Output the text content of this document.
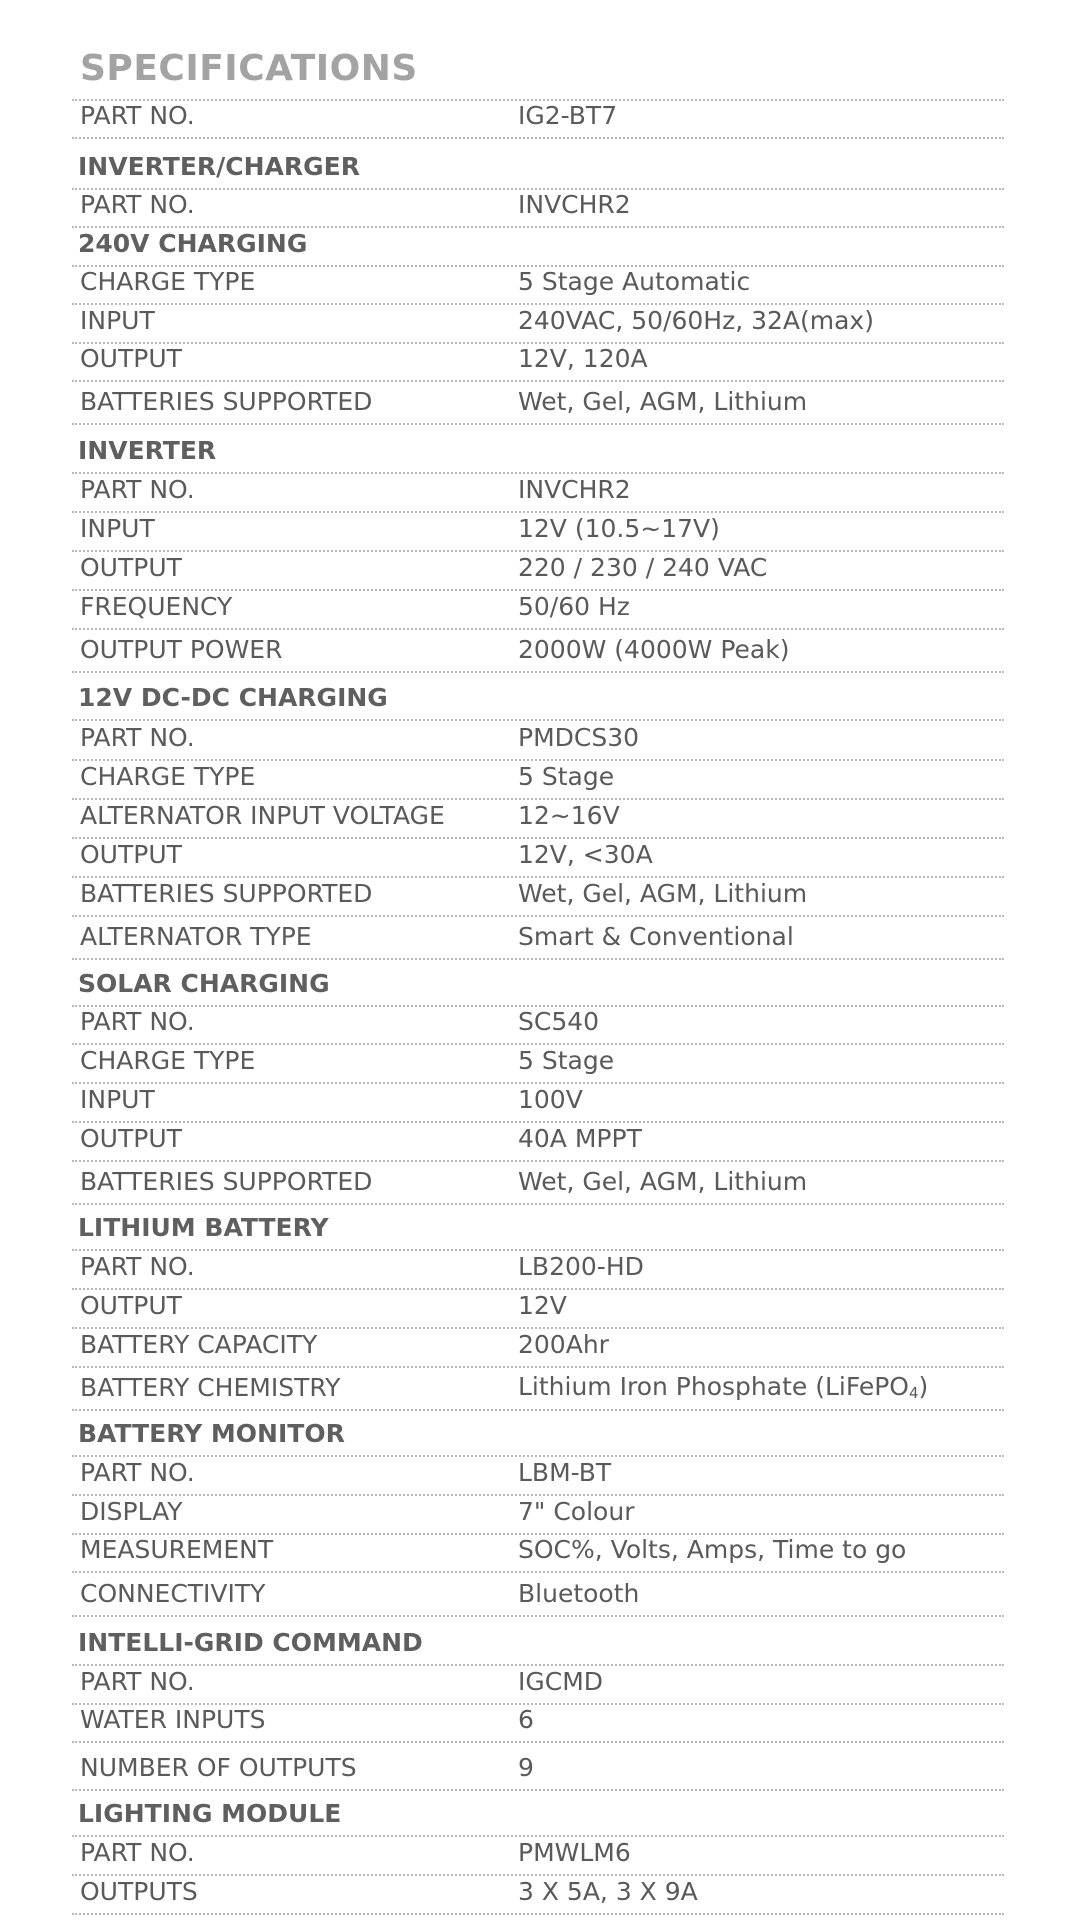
SPECIFICATIONS
PART NO.	IG2-BT7
INVERTER/CHARGER
PART NO.	INVCHR2
240V CHARGING
CHARGE TYPE	5 Stage Automatic
INPUT	240VAC, 50/60Hz, 32A(max)
OUTPUT	12V, 120A
BATTERIES SUPPORTED	Wet, Gel, AGM, Lithium
INVERTER
PART NO.	INVCHR2
INPUT	12V (10.5~17V)
OUTPUT	220 / 230 / 240 VAC
FREQUENCY	50/60 Hz
OUTPUT POWER	2000W (4000W Peak)
12V DC-DC CHARGING
PART NO.	PMDCS30
CHARGE TYPE	5 Stage
ALTERNATOR INPUT VOLTAGE	12~16V
OUTPUT	12V, <30A
BATTERIES SUPPORTED	Wet, Gel, AGM, Lithium
ALTERNATOR TYPE	Smart & Conventional
SOLAR CHARGING
PART NO.	SC540
CHARGE TYPE	5 Stage
INPUT	100V
OUTPUT	40A MPPT
BATTERIES SUPPORTED	Wet, Gel, AGM, Lithium
LITHIUM BATTERY
PART NO.	LB200-HD
OUTPUT	12V
BATTERY CAPACITY	200Ahr
BATTERY CHEMISTRY	Lithium Iron Phosphate (LiFePO$_4$)
BATTERY MONITOR
PART NO.	LBM-BT
DISPLAY	7" Colour
MEASUREMENT	SOC%, Volts, Amps, Time to go
CONNECTIVITY	Bluetooth
INTELLI-GRID COMMAND
PART NO.	IGCMD
WATER INPUTS	6
NUMBER OF OUTPUTS	9
LIGHTING MODULE
PART NO.	PMWLM6
OUTPUTS	3 X 5A, 3 X 9A
